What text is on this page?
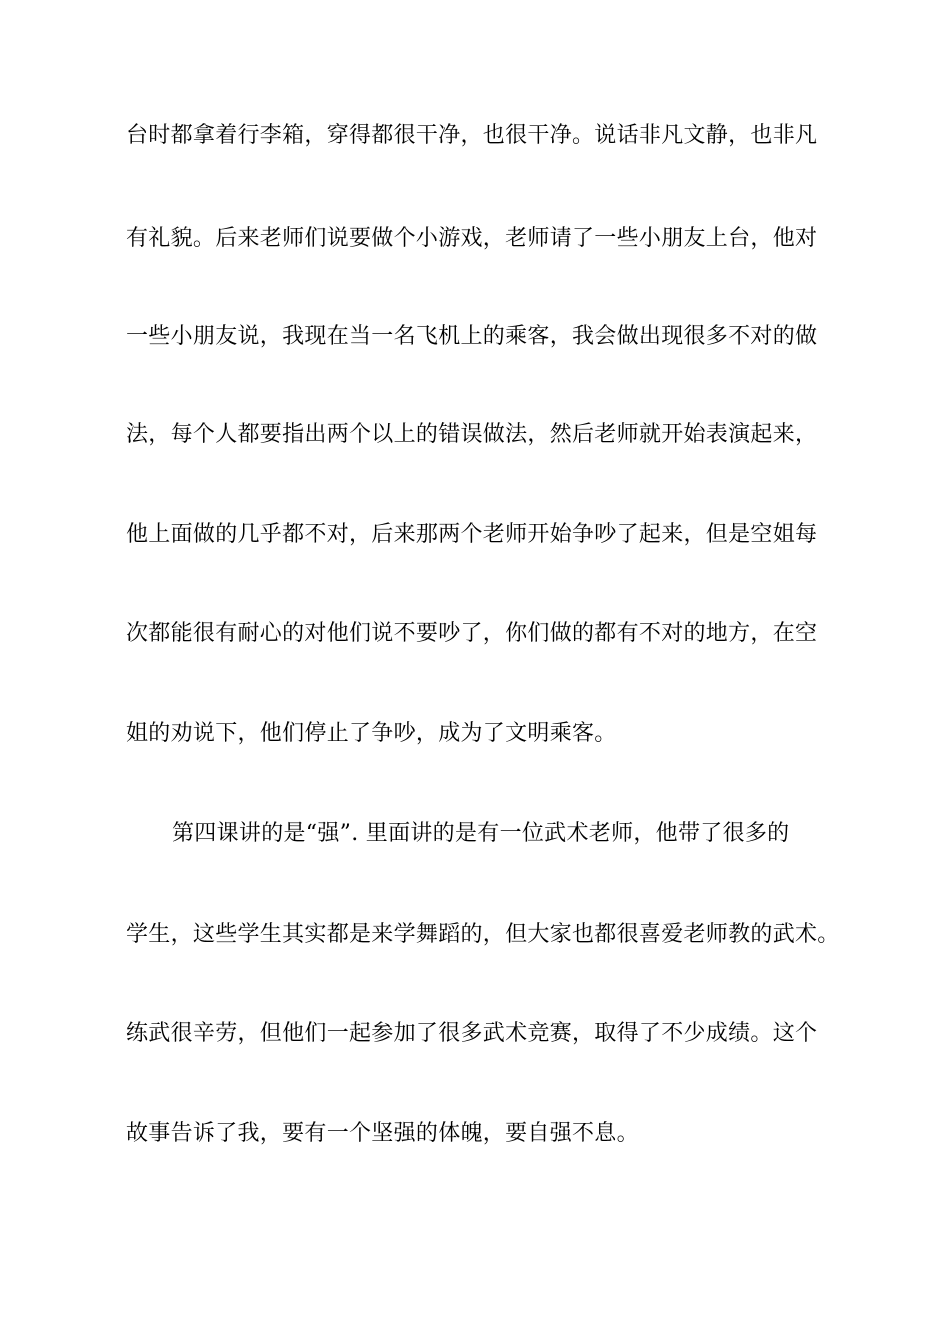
台时都拿着行李箱，穿得都很干净，也很干净。说话非凡文静，也非凡
有礼貌。后来老师们说要做个小游戏，老师请了一些小朋友上台，他对
一些小朋友说，我现在当一名飞机上的乘客，我会做出现很多不对的做
法，每个人都要指出两个以上的错误做法，然后老师就开始表演起来，
他上面做的几乎都不对，后来那两个老师开始争吵了起来，但是空姐每
次都能很有耐心的对他们说不要吵了，你们做的都有不对的地方，在空
姐的劝说下，他们停止了争吵，成为了文明乘客。
第四课讲的是“强”. 里面讲的是有一位武术老师，他带了很多的
学生，这些学生其实都是来学舞蹈的，但大家也都很喜爱老师教的武术。
练武很辛劳，但他们一起参加了很多武术竞赛，取得了不少成绩。这个
故事告诉了我，要有一个坚强的体魄，要自强不息。
